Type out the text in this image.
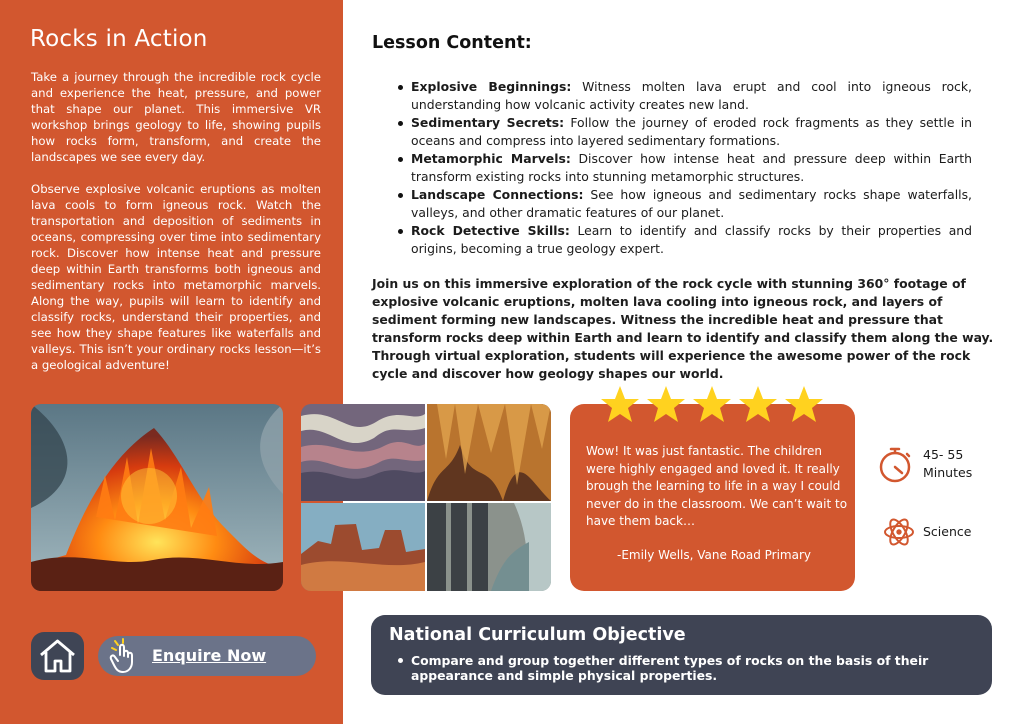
Rocks in Action

Take a journey through the incredible rock cycle and experience the heat, pressure, and power that shape our planet. This immersive VR workshop brings geology to life, showing pupils how rocks form, transform, and create the landscapes we see every day.

Observe explosive volcanic eruptions as molten lava cools to form igneous rock. Watch the transportation and deposition of sediments in oceans, compressing over time into sedimentary rock. Discover how intense heat and pressure deep within Earth transforms both igneous and sedimentary rocks into metamorphic marvels. Along the way, pupils will learn to identify and classify rocks, understand their properties, and see how they shape features like waterfalls and valleys. This isn’t your ordinary rocks lesson—it’s a geological adventure!

Lesson Content:
Explosive Beginnings: Witness molten lava erupt and cool into igneous rock, understanding how volcanic activity creates new land.
Sedimentary Secrets: Follow the journey of eroded rock fragments as they settle in oceans and compress into layered sedimentary formations.
Metamorphic Marvels: Discover how intense heat and pressure deep within Earth transform existing rocks into stunning metamorphic structures.
Landscape Connections: See how igneous and sedimentary rocks shape waterfalls, valleys, and other dramatic features of our planet.
Rock Detective Skills: Learn to identify and classify rocks by their properties and origins, becoming a true geology expert.

Join us on this immersive exploration of the rock cycle with stunning 360° footage of explosive volcanic eruptions, molten lava cooling into igneous rock, and layers of sediment forming new landscapes. Witness the incredible heat and pressure that transform rocks deep within Earth and learn to identify and classify them along the way. Through virtual exploration, students will experience the awesome power of the rock cycle and discover how geology shapes our world.

Wow! It was just fantastic. The children were highly engaged and loved it. It really brough the learning to life in a way I could never do in the classroom. We can’t wait to have them back…

-Emily Wells, Vane Road Primary

45- 55
Minutes
Science
Enquire Now
National Curriculum Objective

Compare and group together different types of rocks on the basis of their appearance and simple physical properties.
